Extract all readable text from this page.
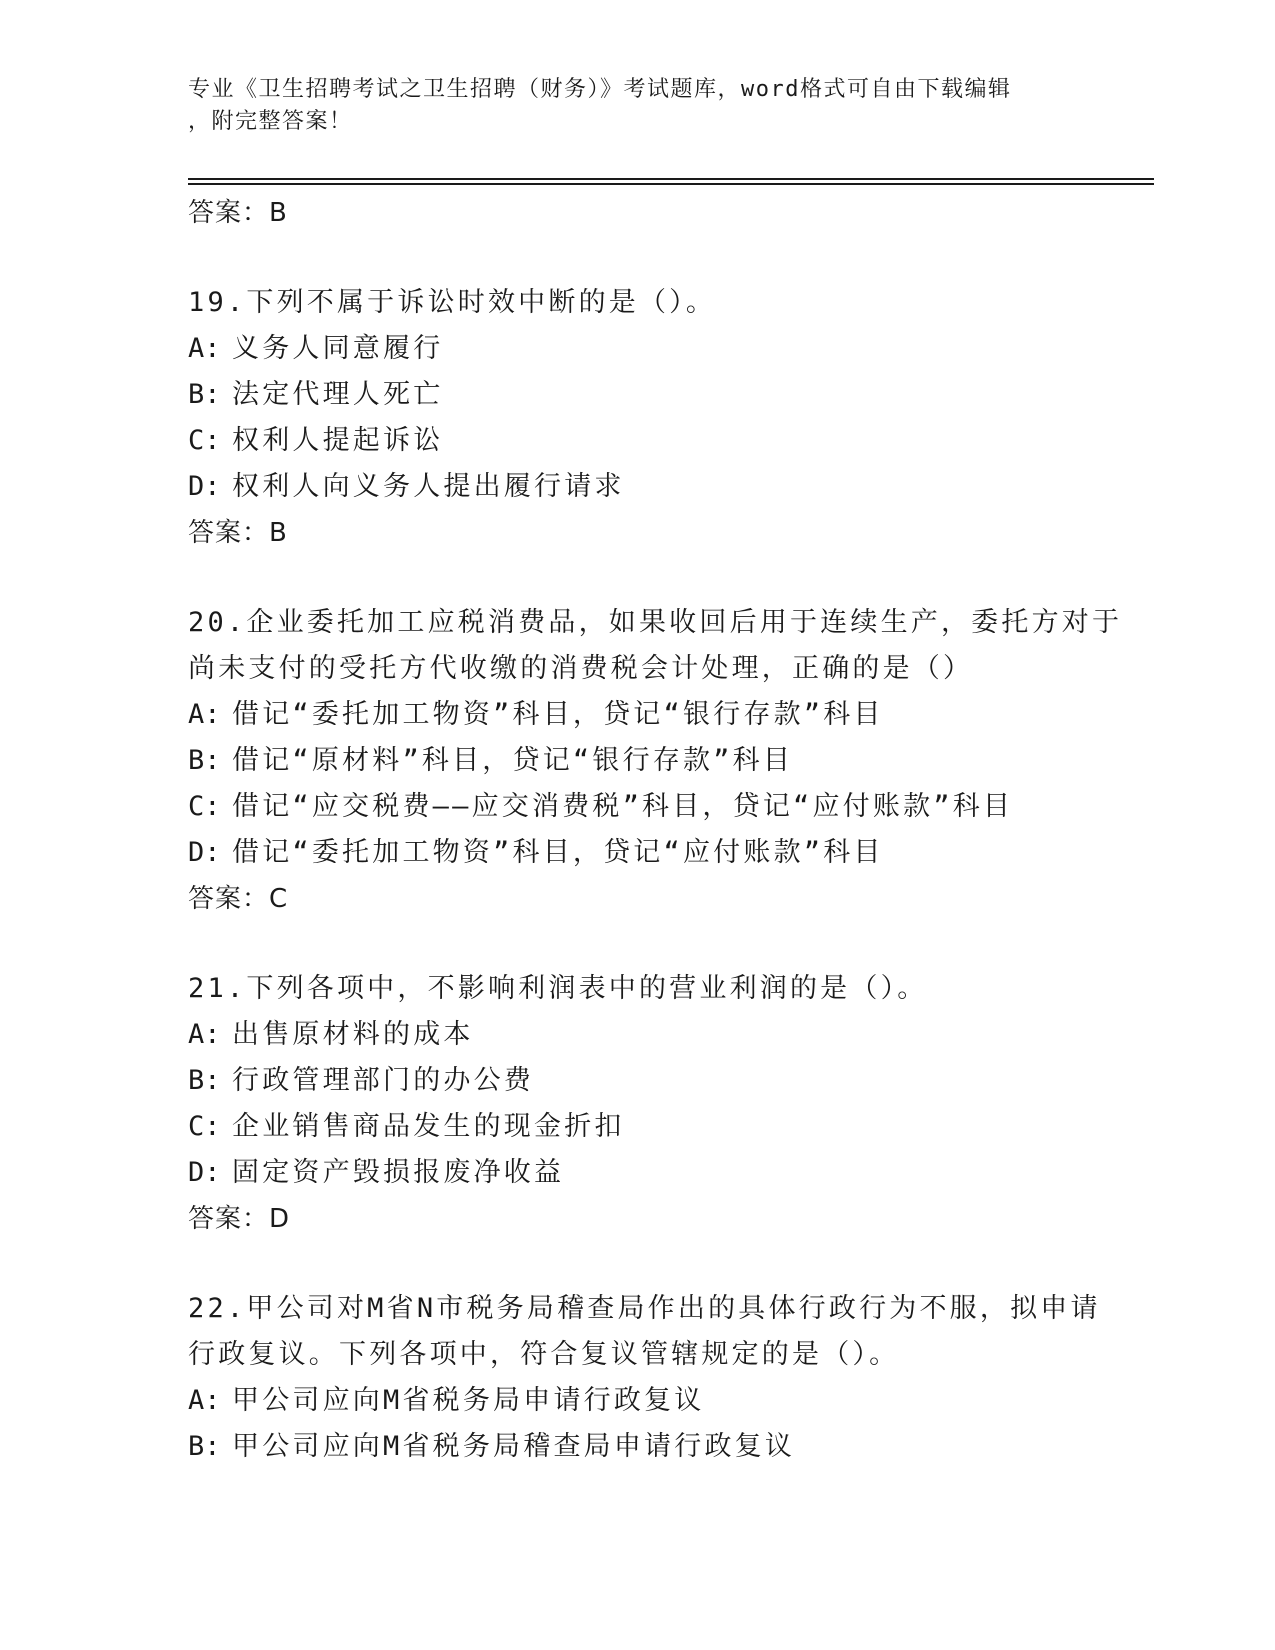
专业《卫生招聘考试之卫生招聘（财务）》考试题库，word格式可自由下载编辑
，附完整答案！
答案：B
19.下列不属于诉讼时效中断的是（）。
A: 义务人同意履行
B: 法定代理人死亡
C: 权利人提起诉讼
D: 权利人向义务人提出履行请求
答案：B
20.企业委托加工应税消费品，如果收回后用于连续生产，委托方对于
尚未支付的受托方代收缴的消费税会计处理，正确的是（）
A: 借记“委托加工物资”科目，贷记“银行存款”科目
B: 借记“原材料”科目，贷记“银行存款”科目
C: 借记“应交税费——应交消费税”科目，贷记“应付账款”科目
D: 借记“委托加工物资”科目，贷记“应付账款”科目
答案：C
21.下列各项中，不影响利润表中的营业利润的是（）。
A: 出售原材料的成本
B: 行政管理部门的办公费
C: 企业销售商品发生的现金折扣
D: 固定资产毁损报废净收益
答案：D
22.甲公司对M省N市税务局稽查局作出的具体行政行为不服，拟申请
行政复议。下列各项中，符合复议管辖规定的是（）。
A: 甲公司应向M省税务局申请行政复议
B: 甲公司应向M省税务局稽查局申请行政复议
